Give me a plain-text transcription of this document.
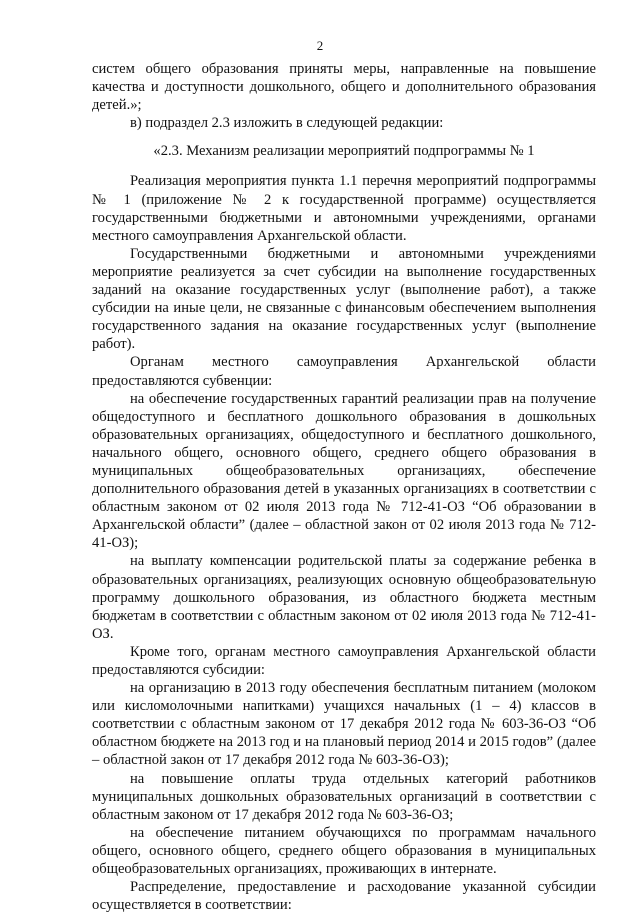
2

систем общего образования приняты меры, направленные на повышение качества и доступности дошкольного, общего и дополнительного образования детей.»;

в) подраздел 2.3 изложить в следующей редакции:

«2.3. Механизм реализации мероприятий подпрограммы № 1

Реализация мероприятия пункта 1.1 перечня мероприятий подпрограммы № 1 (приложение № 2 к государственной программе) осуществляется государственными бюджетными и автономными учреждениями, органами местного самоуправления Архангельской области.

Государственными бюджетными и автономными учреждениями мероприятие реализуется за счет субсидии на выполнение государственных заданий на оказание государственных услуг (выполнение работ), а также субсидии на иные цели, не связанные с финансовым обеспечением выполнения государственного задания на оказание государственных услуг (выполнение работ).

Органам местного самоуправления Архангельской области предоставляются субвенции:

на обеспечение государственных гарантий реализации прав на получение общедоступного и бесплатного дошкольного образования в дошкольных образовательных организациях, общедоступного и бесплатного дошкольного, начального общего, основного общего, среднего общего образования в муниципальных общеобразовательных организациях, обеспечение дополнительного образования детей в указанных организациях в соответствии с областным законом от 02 июля 2013 года № 712-41-ОЗ “Об образовании в Архангельской области” (далее – областной закон от 02 июля 2013 года № 712-41-ОЗ);

на выплату компенсации родительской платы за содержание ребенка в образовательных организациях, реализующих основную общеобразовательную программу дошкольного образования, из областного бюджета местным бюджетам в соответствии с областным законом от 02 июля 2013 года № 712-41-ОЗ.

Кроме того, органам местного самоуправления Архангельской области предоставляются субсидии:

на организацию в 2013 году обеспечения бесплатным питанием (молоком или кисломолочными напитками) учащихся начальных (1 – 4) классов в соответствии с областным законом от 17 декабря 2012 года № 603-36-ОЗ “Об областном бюджете на 2013 год и на плановый период 2014 и 2015 годов” (далее – областной закон от 17 декабря 2012 года № 603-36-ОЗ);

на повышение оплаты труда отдельных категорий работников муниципальных дошкольных образовательных организаций в соответствии с областным законом от 17 декабря 2012 года № 603-36-ОЗ;

на обеспечение питанием обучающихся по программам начального общего, основного общего, среднего общего образования в муниципальных общеобразовательных организациях, проживающих в интернате.

Распределение, предоставление и расходование указанной субсидии осуществляется в соответствии:
